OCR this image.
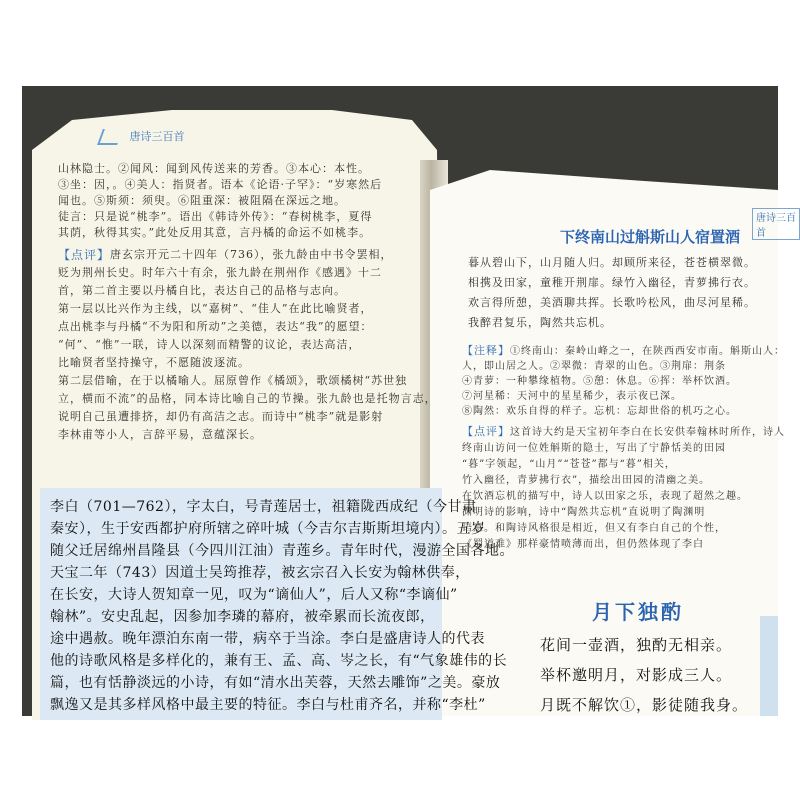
唐诗三百首
山林隐士。②闻风：闻到风传送来的芳香。③本心：本性。
③坐：因，。④美人：指贤者。语本《论语·子罕》：“岁寒然后
闻也。⑤斯须：须臾。⑥阻重深：被阻隔在深远之地。
徒言：只是说“桃李”。语出《韩诗外传》：“春树桃李，夏得
其荫，秋得其实。”此处反用其意，言丹橘的命运不如桃李。
【点评】 唐玄宗开元二十四年（736），张九龄由中书令罢相，
贬为荆州长史。时年六十有余，张九龄在荆州作《感遇》十二
首，第二首主要以丹橘自比，表达自己的品格与志向。
第一层以比兴作为主线，以“嘉树”、“佳人”在此比喻贤者，
点出桃李与丹橘“不为阳和所动”之美德，表达“我”的愿望：
“何”、“惟”一联，诗人以深刻而精警的议论，表达高洁，
比喻贤者坚持操守，不愿随波逐流。
第二层借喻，在于以橘喻人。屈原曾作《橘颂》，歌颂橘树“苏世独
立，横而不流”的品格，同本诗比喻自己的节操。张九龄也是托物言志，
说明自己虽遭排挤，却仍有高洁之志。而诗中“桃李”就是影射
李林甫等小人，言辞平易，意蕴深长。
李白（701—762），字太白，号青莲居士，祖籍陇西成纪（今甘肃
秦安），生于安西都护府所辖之碎叶城（今吉尔吉斯斯坦境内）。五岁
随父迁居绵州昌隆县（今四川江油）青莲乡。青年时代，漫游全国各地。
天宝二年（743）因道士吴筠推荐，被玄宗召入长安为翰林供奉，
在长安，大诗人贺知章一见，叹为“谪仙人”，后人又称“李谪仙”
翰林”。安史乱起，因参加李璘的幕府，被牵累而长流夜郎，
途中遇赦。晚年漂泊东南一带，病卒于当涂。李白是盛唐诗人的代表
他的诗歌风格是多样化的，兼有王、孟、高、岑之长，有“气象雄伟的长
篇，也有恬静淡远的小诗，有如“清水出芙蓉，天然去雕饰”之美。豪放
飘逸又是其多样风格中最主要的特征。李白与杜甫齐名，并称“李杜”
唐诗三百首
下终南山过斛斯山人宿置酒
暮从碧山下，山月随人归。却顾所来径，苍苍横翠微。
相携及田家，童稚开荆扉。绿竹入幽径，青萝拂行衣。
欢言得所憩，美酒聊共挥。长歌吟松风，曲尽河星稀。
我醉君复乐，陶然共忘机。
【注释】 ①终南山：秦岭山峰之一，在陕西西安市南。斛斯山人：
人，即山居之人。②翠微：青翠的山色。③荆扉：荆条
④青萝：一种攀缘植物。⑤憩：休息。⑥挥：举杯饮酒。
⑦河星稀：天河中的星星稀少，表示夜已深。
⑧陶然：欢乐自得的样子。忘机：忘却世俗的机巧之心。
【点评】 这首诗大约是天宝初年李白在长安供奉翰林时所作，诗人
终南山访问一位姓斛斯的隐士，写出了宁静恬美的田园
“暮”字领起，“山月”“苍苍”都与“暮”相关，
竹入幽径，青萝拂行衣”，描绘出田园的清幽之美。
在饮酒忘机的描写中，诗人以田家之乐，表现了超然之趣。
渊明诗的影响，诗中“陶然共忘机”直说明了陶渊明
语意。和陶诗风格很是相近，但又有李白自己的个性，
《蜀道难》那样豪情喷薄而出，但仍然体现了李白
月下独酌
花间一壶酒，独酌无相亲。
举杯邀明月，对影成三人。
月既不解饮①，影徒随我身。
